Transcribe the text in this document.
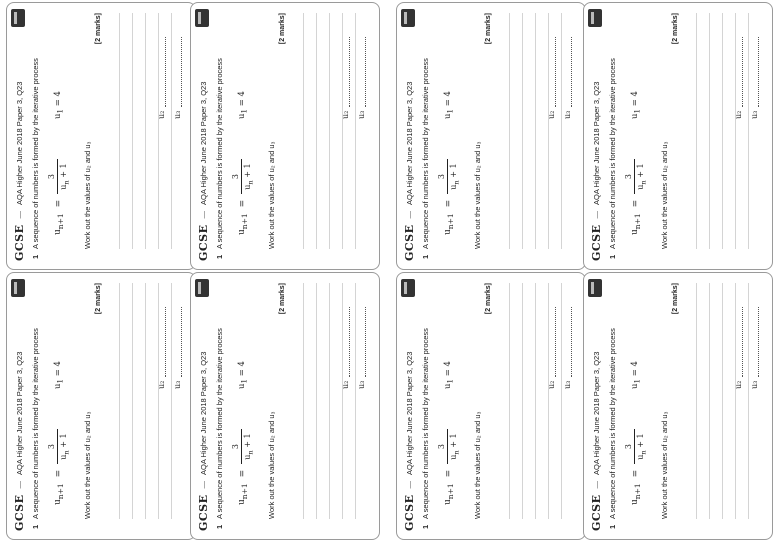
GCSE
—
AQA Higher June 2018 Paper 3, Q23
1
A sequence of numbers is formed by the iterative process $u_{n+1}$
=
3
$u_n + 1$
$u_1 = 4$
Work out the values of u₂ and u₃
[2 marks]
u₂ u₃
GCSE
—
AQA Higher June 2018 Paper 3, Q23
1
A sequence of numbers is formed by the iterative process $u_{n+1}$
=
3
$u_n + 1$
$u_1 = 4$
Work out the values of u₂ and u₃
[2 marks]
u₂ u₃
GCSE
—
AQA Higher June 2018 Paper 3, Q23
1
A sequence of numbers is formed by the iterative process $u_{n+1}$
=
3
$u_n + 1$
$u_1 = 4$
Work out the values of u₂ and u₃
[2 marks]
u₂ u₃
GCSE
—
AQA Higher June 2018 Paper 3, Q23
1
A sequence of numbers is formed by the iterative process $u_{n+1}$
=
3
$u_n + 1$
$u_1 = 4$
Work out the values of u₂ and u₃
[2 marks]
u₂ u₃
GCSE
—
AQA Higher June 2018 Paper 3, Q23
1
A sequence of numbers is formed by the iterative process $u_{n+1}$
=
3
$u_n + 1$
$u_1 = 4$
Work out the values of u₂ and u₃
[2 marks]
u₂ u₃
GCSE
—
AQA Higher June 2018 Paper 3, Q23
1
A sequence of numbers is formed by the iterative process $u_{n+1}$
=
3
$u_n + 1$
$u_1 = 4$
Work out the values of u₂ and u₃
[2 marks]
u₂ u₃
GCSE
—
AQA Higher June 2018 Paper 3, Q23
1
A sequence of numbers is formed by the iterative process $u_{n+1}$
=
3
$u_n + 1$
$u_1 = 4$
Work out the values of u₂ and u₃
[2 marks]
u₂ u₃
GCSE
—
AQA Higher June 2018 Paper 3, Q23
1
A sequence of numbers is formed by the iterative process $u_{n+1}$
=
3
$u_n + 1$
$u_1 = 4$
Work out the values of u₂ and u₃
[2 marks]
u₂ u₃
